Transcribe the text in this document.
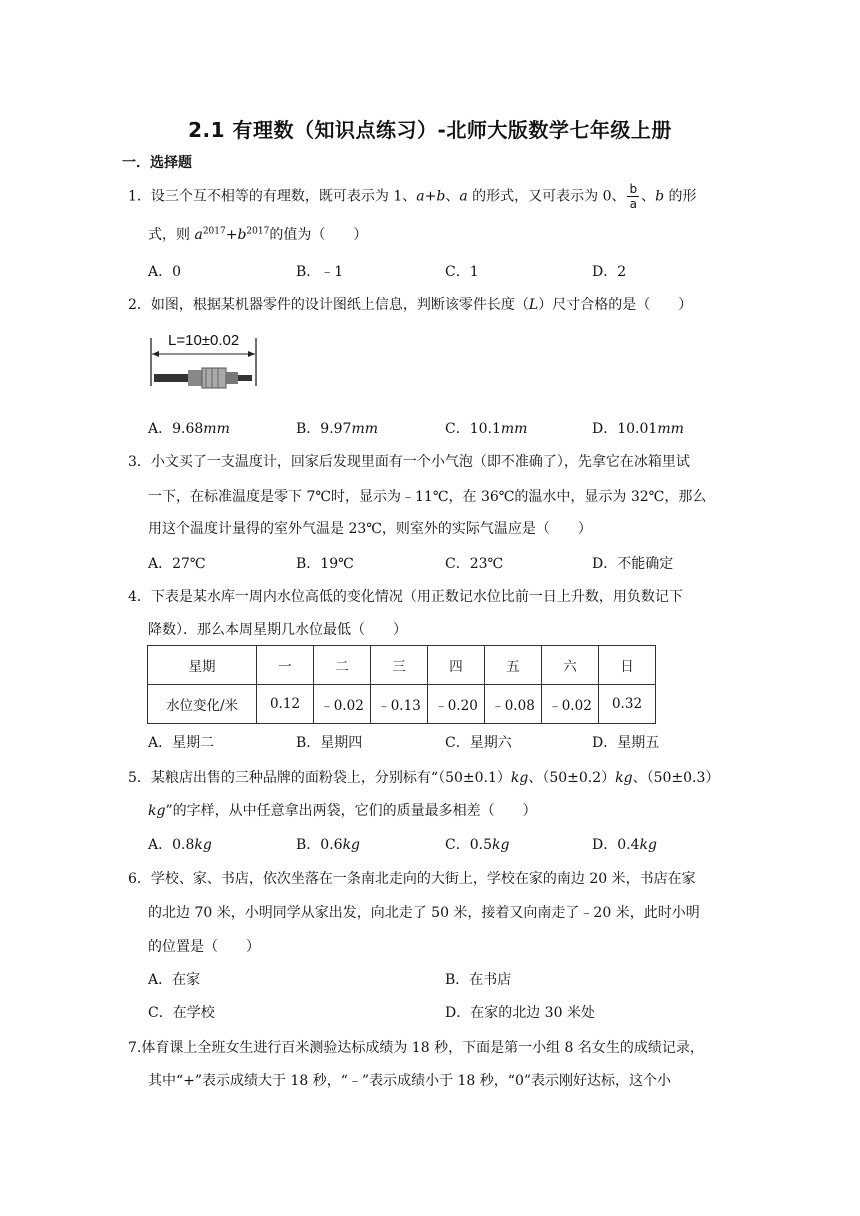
2.1 有理数（知识点练习）-北师大版数学七年级上册
一．选择题
1．设三个互不相等的有理数，既可表示为 1、a+b、a 的形式，又可表示为 0、 $\frac{b}{a}$ 、b 的形
式，则 $a^{2017}+b^{2017}$的值为（　　）
A．0	B．﹣1	C．1	D．2
2．如图，根据某机器零件的设计图纸上信息，判断该零件长度（L）尺寸合格的是（　　）
L=10±0.02
A．9.68mm	B．9.97mm	C．10.1mm	D．10.01mm
3．小文买了一支温度计，回家后发现里面有一个小气泡（即不准确了），先拿它在冰箱里试
一下，在标准温度是零下 7℃时，显示为﹣11℃，在 36℃的温水中，显示为 32℃，那么
用这个温度计量得的室外气温是 23℃，则室外的实际气温应是（　　）
A．27℃	B．19℃	C．23℃	D．不能确定
4．下表是某水库一周内水位高低的变化情况（用正数记水位比前一日上升数，用负数记下
降数）．那么本周星期几水位最低（　　）
星期	一	二	三	四	五	六	日
水位变化/米	0.12	﹣0.02	﹣0.13	﹣0.20	﹣0.08	﹣0.02	0.32
A．星期二	B．星期四	C．星期六	D．星期五
5．某粮店出售的三种品牌的面粉袋上，分别标有“（50±0.1）kg、（50±0.2）kg、（50±0.3）
kg”的字样，从中任意拿出两袋，它们的质量最多相差（　　）
A．0.8kg	B．0.6kg	C．0.5kg	D．0.4kg
6．学校、家、书店，依次坐落在一条南北走向的大街上，学校在家的南边 20 米，书店在家
的北边 70 米，小明同学从家出发，向北走了 50 米，接着又向南走了﹣20 米，此时小明
的位置是（　　）
A．在家	B．在书店
C．在学校	D．在家的北边 30 米处
7.体育课上全班女生进行百米测验达标成绩为 18 秒，下面是第一小组 8 名女生的成绩记录，
其中“+”表示成绩大于 18 秒，“﹣”表示成绩小于 18 秒，“0”表示刚好达标，这个小
